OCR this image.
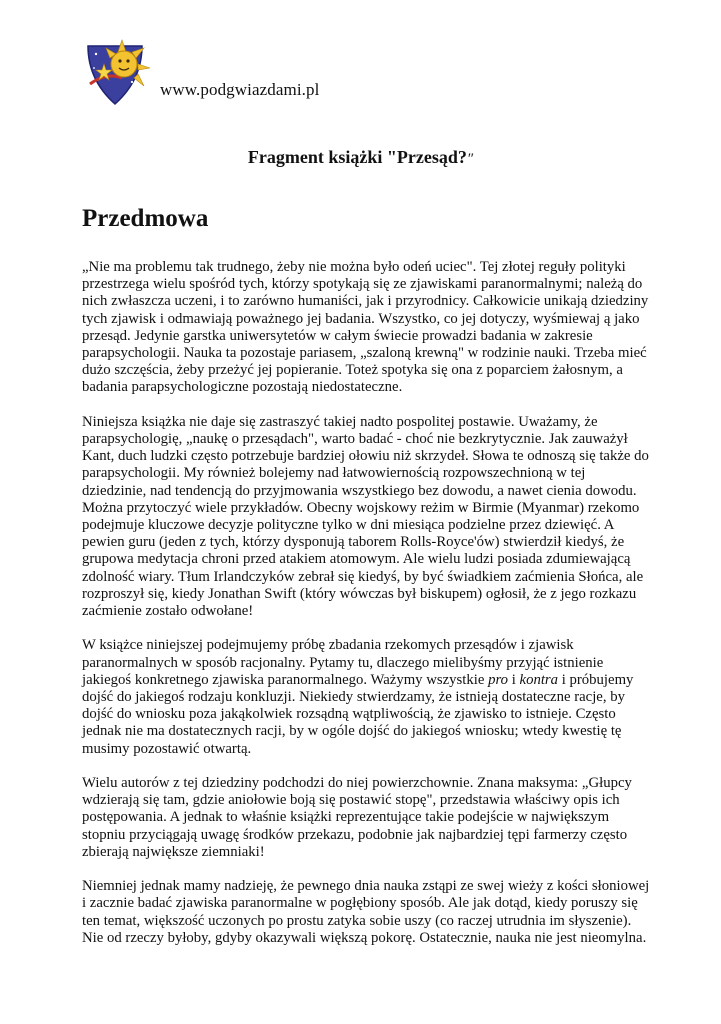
www.podgwiazdami.pl
Fragment książki "Przesąd?″
Przedmowa

„Nie ma problemu tak trudnego, żeby nie można było odeń uciec". Tej złotej reguły polityki
przestrzega wielu spośród tych, którzy spotykają się ze zjawiskami paranormalnymi; należą do
nich zwłaszcza uczeni, i to zarówno humaniści, jak i przyrodnicy. Całkowicie unikają dziedziny
tych zjawisk i odmawiają poważnego jej badania. Wszystko, co jej dotyczy, wyśmiewaj ą jako
przesąd. Jedynie garstka uniwersytetów w całym świecie prowadzi badania w zakresie
parapsychologii. Nauka ta pozostaje pariasem, „szaloną krewną" w rodzinie nauki. Trzeba mieć
dużo szczęścia, żeby przeżyć jej popieranie. Toteż spotyka się ona z poparciem żałosnym, a
badania parapsychologiczne pozostają niedostateczne.

Niniejsza książka nie daje się zastraszyć takiej nadto pospolitej postawie. Uważamy, że
parapsychologię, „naukę o przesądach", warto badać - choć nie bezkrytycznie. Jak zauważył
Kant, duch ludzki często potrzebuje bardziej ołowiu niż skrzydeł. Słowa te odnoszą się także do
parapsychologii. My również bolejemy nad łatwowiernością rozpowszechnioną w tej
dziedzinie, nad tendencją do przyjmowania wszystkiego bez dowodu, a nawet cienia dowodu.
Można przytoczyć wiele przykładów. Obecny wojskowy reżim w Birmie (Myanmar) rzekomo
podejmuje kluczowe decyzje polityczne tylko w dni miesiąca podzielne przez dziewięć. A
pewien guru (jeden z tych, którzy dysponują taborem Rolls-Royce'ów) stwierdził kiedyś, że
grupowa medytacja chroni przed atakiem atomowym. Ale wielu ludzi posiada zdumiewającą
zdolność wiary. Tłum Irlandczyków zebrał się kiedyś, by być świadkiem zaćmienia Słońca, ale
rozproszył się, kiedy Jonathan Swift (który wówczas był biskupem) ogłosił, że z jego rozkazu
zaćmienie zostało odwołane!

W książce niniejszej podejmujemy próbę zbadania rzekomych przesądów i zjawisk
paranormalnych w sposób racjonalny. Pytamy tu, dlaczego mielibyśmy przyjąć istnienie
jakiegoś konkretnego zjawiska paranormalnego. Ważymy wszystkie pro i kontra i próbujemy
dojść do jakiegoś rodzaju konkluzji. Niekiedy stwierdzamy, że istnieją dostateczne racje, by
dojść do wniosku poza jakąkolwiek rozsądną wątpliwością, że zjawisko to istnieje. Często
jednak nie ma dostatecznych racji, by w ogóle dojść do jakiegoś wniosku; wtedy kwestię tę
musimy pozostawić otwartą.

Wielu autorów z tej dziedziny podchodzi do niej powierzchownie. Znana maksyma: „Głupcy
wdzierają się tam, gdzie aniołowie boją się postawić stopę", przedstawia właściwy opis ich
postępowania. A jednak to właśnie książki reprezentujące takie podejście w największym
stopniu przyciągają uwagę środków przekazu, podobnie jak najbardziej tępi farmerzy często
zbierają największe ziemniaki!

Niemniej jednak mamy nadzieję, że pewnego dnia nauka zstąpi ze swej wieży z kości słoniowej
i zacznie badać zjawiska paranormalne w pogłębiony sposób. Ale jak dotąd, kiedy poruszy się
ten temat, większość uczonych po prostu zatyka sobie uszy (co raczej utrudnia im słyszenie).
Nie od rzeczy byłoby, gdyby okazywali większą pokorę. Ostatecznie, nauka nie jest nieomylna.
